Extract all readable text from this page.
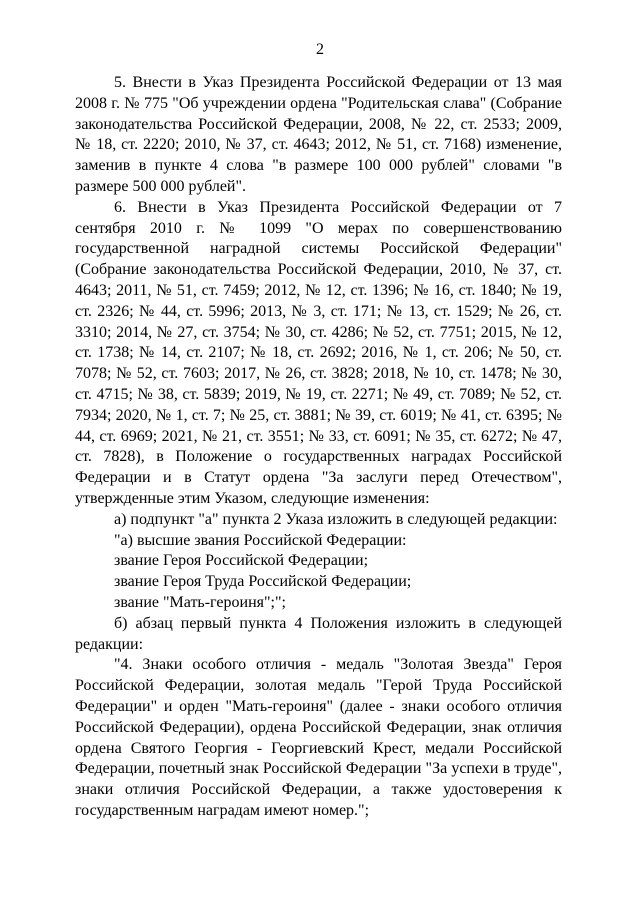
2

5. Внести в Указ Президента Российской Федерации от 13 мая 2008 г. № 775 "Об учреждении ордена "Родительская слава" (Собрание законодательства Российской Федерации, 2008, № 22, ст. 2533; 2009, № 18, ст. 2220; 2010, № 37, ст. 4643; 2012, № 51, ст. 7168) изменение, заменив в пункте 4 слова "в размере 100 000 рублей" словами "в размере 500 000 рублей".

6. Внести в Указ Президента Российской Федерации от 7 сентября 2010 г. № 1099 "О мерах по совершенствованию государственной наградной системы Российской Федерации" (Собрание законодательства Российской Федерации, 2010, № 37, ст. 4643; 2011, № 51, ст. 7459; 2012, № 12, ст. 1396; № 16, ст. 1840; № 19, ст. 2326; № 44, ст. 5996; 2013, № 3, ст. 171; № 13, ст. 1529; № 26, ст. 3310; 2014, № 27, ст. 3754; № 30, ст. 4286; № 52, ст. 7751; 2015, № 12, ст. 1738; № 14, ст. 2107; № 18, ст. 2692; 2016, № 1, ст. 206; № 50, ст. 7078; № 52, ст. 7603; 2017, № 26, ст. 3828; 2018, № 10, ст. 1478; № 30, ст. 4715; № 38, ст. 5839; 2019, № 19, ст. 2271; № 49, ст. 7089; № 52, ст. 7934; 2020, № 1, ст. 7; № 25, ст. 3881; № 39, ст. 6019; № 41, ст. 6395; № 44, ст. 6969; 2021, № 21, ст. 3551; № 33, ст. 6091; № 35, ст. 6272; № 47, ст. 7828), в Положение о государственных наградах Российской Федерации и в Статут ордена "За заслуги перед Отечеством", утвержденные этим Указом, следующие изменения:

а) подпункт "а" пункта 2 Указа изложить в следующей редакции:

"а) высшие звания Российской Федерации:

звание Героя Российской Федерации;

звание Героя Труда Российской Федерации;

звание "Мать-героиня";";

б) абзац первый пункта 4 Положения изложить в следующей редакции:

"4. Знаки особого отличия - медаль "Золотая Звезда" Героя Российской Федерации, золотая медаль "Герой Труда Российской Федерации" и орден "Мать-героиня" (далее - знаки особого отличия Российской Федерации), ордена Российской Федерации, знак отличия ордена Святого Георгия - Георгиевский Крест, медали Российской Федерации, почетный знак Российской Федерации "За успехи в труде", знаки отличия Российской Федерации, а также удостоверения к государственным наградам имеют номер.";
